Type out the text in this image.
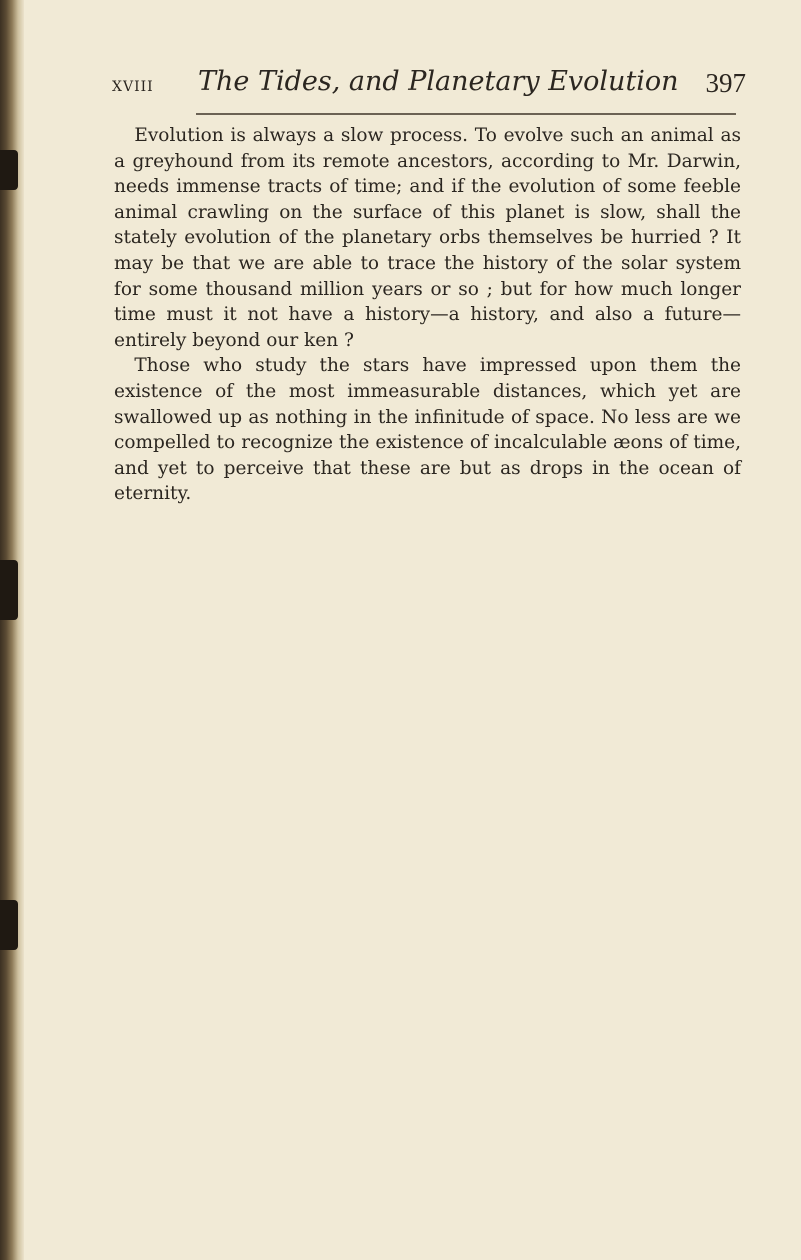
xviii The Tides, and Planetary Evolution 397

Evolution is always a slow process. To evolve such an animal as a greyhound from its remote ancestors, according to Mr. Darwin, needs immense tracts of time; and if the evolution of some feeble animal crawling on the surface of this planet is slow, shall the stately evolution of the planetary orbs themselves be hurried ? It may be that we are able to trace the history of the solar system for some thousand million years or so ; but for how much longer time must it not have a history—a history, and also a future— entirely beyond our ken ?

Those who study the stars have impressed upon them the existence of the most immeasurable distances, which yet are swallowed up as nothing in the infinitude of space. No less are we compelled to recognize the existence of incalculable æons of time, and yet to perceive that these are but as drops in the ocean of eternity.
